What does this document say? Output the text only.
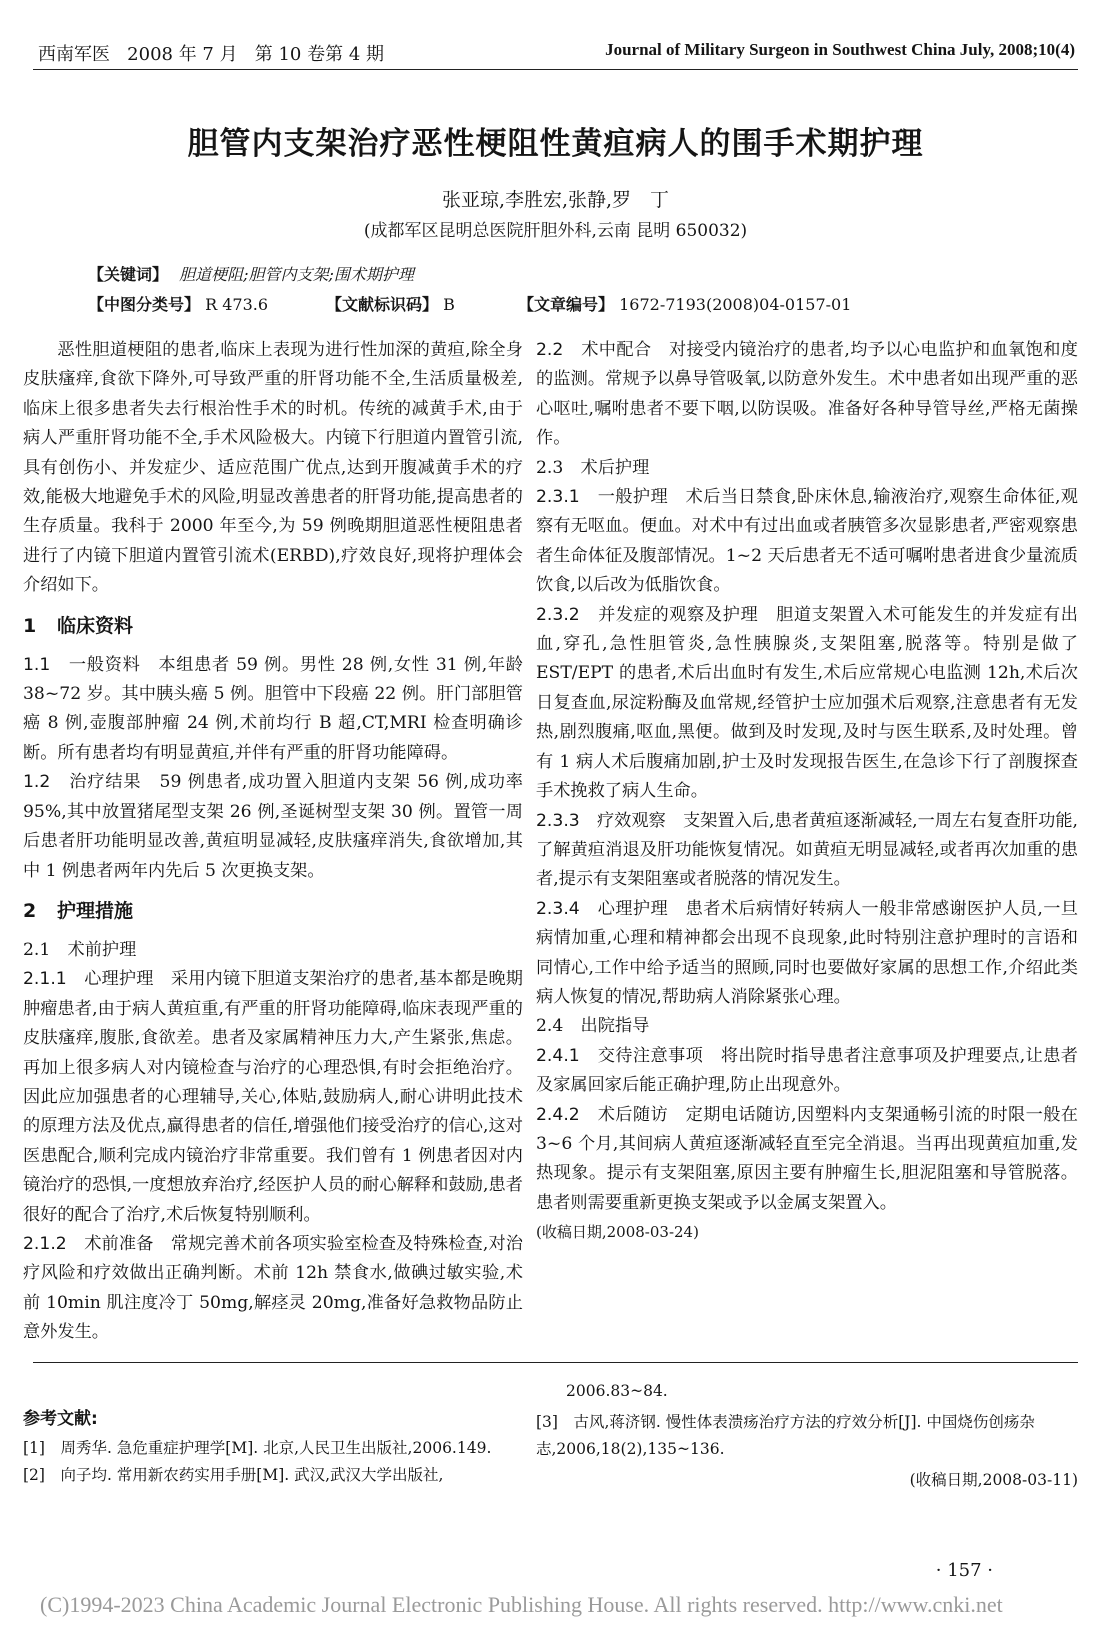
西南军医   2008 年 7 月   第 10 卷第 4 期	Journal of Military Surgeon in Southwest China July, 2008;10(4)
胆管内支架治疗恶性梗阻性黄疸病人的围手术期护理
张亚琼,李胜宏,张静,罗　丁
(成都军区昆明总医院肝胆外科,云南 昆明 650032)
【关键词】 胆道梗阻;胆管内支架;围术期护理
【中图分类号】 R 473.6	【文献标识码】 B	【文章编号】 1672-7193(2008)04-0157-01

恶性胆道梗阻的患者,临床上表现为进行性加深的黄疸,除全身皮肤瘙痒,食欲下降外,可导致严重的肝肾功能不全,生活质量极差,临床上很多患者失去行根治性手术的时机。传统的减黄手术,由于病人严重肝肾功能不全,手术风险极大。内镜下行胆道内置管引流,具有创伤小、并发症少、适应范围广优点,达到开腹减黄手术的疗效,能极大地避免手术的风险,明显改善患者的肝肾功能,提高患者的生存质量。我科于 2000 年至今,为 59 例晚期胆道恶性梗阻患者进行了内镜下胆道内置管引流术(ERBD),疗效良好,现将护理体会介绍如下。

1 临床资料

1.1　一般资料　 本组患者 59 例。男性 28 例,女性 31 例,年龄 38~72 岁。其中胰头癌 5 例。胆管中下段癌 22 例。肝门部胆管癌 8 例,壶腹部肿瘤 24 例,术前均行 B 超,CT,MRI 检查明确诊断。所有患者均有明显黄疸,并伴有严重的肝肾功能障碍。

1.2　治疗结果　 59 例患者,成功置入胆道内支架 56 例,成功率 95%,其中放置猪尾型支架 26 例,圣诞树型支架 30 例。置管一周后患者肝功能明显改善,黄疸明显减轻,皮肤瘙痒消失,食欲增加,其中 1 例患者两年内先后 5 次更换支架。

2 护理措施

2.1　术前护理

2.1.1　心理护理　 采用内镜下胆道支架治疗的患者,基本都是晚期肿瘤患者,由于病人黄疸重,有严重的肝肾功能障碍,临床表现严重的皮肤瘙痒,腹胀,食欲差。患者及家属精神压力大,产生紧张,焦虑。再加上很多病人对内镜检查与治疗的心理恐惧,有时会拒绝治疗。因此应加强患者的心理辅导,关心,体贴,鼓励病人,耐心讲明此技术的原理方法及优点,赢得患者的信任,增强他们接受治疗的信心,这对医患配合,顺利完成内镜治疗非常重要。我们曾有 1 例患者因对内镜治疗的恐惧,一度想放弃治疗,经医护人员的耐心解释和鼓励,患者很好的配合了治疗,术后恢复特别顺利。

2.1.2　术前准备　 常规完善术前各项实验室检查及特殊检查,对治疗风险和疗效做出正确判断。术前 12h 禁食水,做碘过敏实验,术前 10min 肌注度冷丁 50mg,解痉灵 20mg,准备好急救物品防止意外发生。

2.2　术中配合　 对接受内镜治疗的患者,均予以心电监护和血氧饱和度的监测。常规予以鼻导管吸氧,以防意外发生。术中患者如出现严重的恶心呕吐,嘱咐患者不要下咽,以防误吸。准备好各种导管导丝,严格无菌操作。

2.3　术后护理

2.3.1　一般护理　 术后当日禁食,卧床休息,输液治疗,观察生命体征,观察有无呕血。便血。对术中有过出血或者胰管多次显影患者,严密观察患者生命体征及腹部情况。1~2 天后患者无不适可嘱咐患者进食少量流质饮食,以后改为低脂饮食。

2.3.2　并发症的观察及护理　 胆道支架置入术可能发生的并发症有出血,穿孔,急性胆管炎,急性胰腺炎,支架阻塞,脱落等。特别是做了 EST/EPT 的患者,术后出血时有发生,术后应常规心电监测 12h,术后次日复查血,尿淀粉酶及血常规,经管护士应加强术后观察,注意患者有无发热,剧烈腹痛,呕血,黑便。做到及时发现,及时与医生联系,及时处理。曾有 1 病人术后腹痛加剧,护士及时发现报告医生,在急诊下行了剖腹探查手术挽救了病人生命。

2.3.3　疗效观察　 支架置入后,患者黄疸逐渐减轻,一周左右复查肝功能,了解黄疸消退及肝功能恢复情况。如黄疸无明显减轻,或者再次加重的患者,提示有支架阻塞或者脱落的情况发生。

2.3.4　心理护理　 患者术后病情好转病人一般非常感谢医护人员,一旦病情加重,心理和精神都会出现不良现象,此时特别注意护理时的言语和同情心,工作中给予适当的照顾,同时也要做好家属的思想工作,介绍此类病人恢复的情况,帮助病人消除紧张心理。

2.4　出院指导

2.4.1　交待注意事项　 将出院时指导患者注意事项及护理要点,让患者及家属回家后能正确护理,防止出现意外。

2.4.2　术后随访　 定期电话随访,因塑料内支架通畅引流的时限一般在 3~6 个月,其间病人黄疸逐渐减轻直至完全消退。当再出现黄疸加重,发热现象。提示有支架阻塞,原因主要有肿瘤生长,胆泥阻塞和导管脱落。患者则需要重新更换支架或予以金属支架置入。

(收稿日期,2008-03-24)

参考文献:
[1]　周秀华. 急危重症护理学[M]. 北京,人民卫生出版社,2006.149.
[2]　向子均. 常用新农药实用手册[M]. 武汉,武汉大学出版社,
2006.83~84.
[3]　古风,蒋济钢. 慢性体表溃疡治疗方法的疗效分析[J]. 中国烧伤创疡杂志,2006,18(2),135~136.
(收稿日期,2008-03-11)
· 157 ·
(C)1994-2023 China Academic Journal Electronic Publishing House. All rights reserved. http://www.cnki.net
